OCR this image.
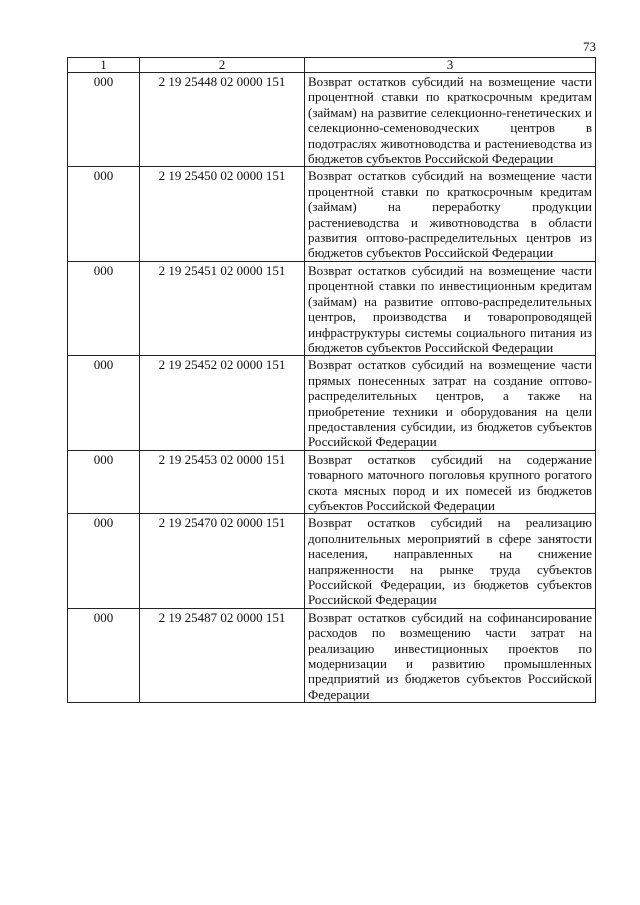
73
1	2	3
000	2 19 25448 02 0000 151	Возврат остатков субсидий на возмещение части процентной ставки по краткосрочным кредитам (займам) на развитие селекционно-генетических и селекционно-семеноводческих центров в подотраслях животноводства и растениеводства из бюджетов субъектов Российской Федерации
000	2 19 25450 02 0000 151	Возврат остатков субсидий на возмещение части процентной ставки по краткосрочным кредитам (займам) на переработку продукции растениеводства и животноводства в области развития оптово-распределительных центров из бюджетов субъектов Российской Федерации
000	2 19 25451 02 0000 151	Возврат остатков субсидий на возмещение части процентной ставки по инвестиционным кредитам (займам) на развитие оптово-распределительных центров, производства и товаропроводящей инфраструктуры системы социального питания из бюджетов субъектов Российской Федерации
000	2 19 25452 02 0000 151	Возврат остатков субсидий на возмещение части прямых понесенных затрат на создание оптово-распределительных центров, а также на приобретение техники и оборудования на цели предоставления субсидии, из бюджетов субъектов Российской Федерации
000	2 19 25453 02 0000 151	Возврат остатков субсидий на содержание товарного маточного поголовья крупного рогатого скота мясных пород и их помесей из бюджетов субъектов Российской Федерации
000	2 19 25470 02 0000 151	Возврат остатков субсидий на реализацию дополнительных мероприятий в сфере занятости населения, направленных на снижение напряженности на рынке труда субъектов Российской Федерации, из бюджетов субъектов Российской Федерации
000	2 19 25487 02 0000 151	Возврат остатков субсидий на софинансирование расходов по возмещению части затрат на реализацию инвестиционных проектов по модернизации и развитию промышленных предприятий из бюджетов субъектов Российской Федерации
